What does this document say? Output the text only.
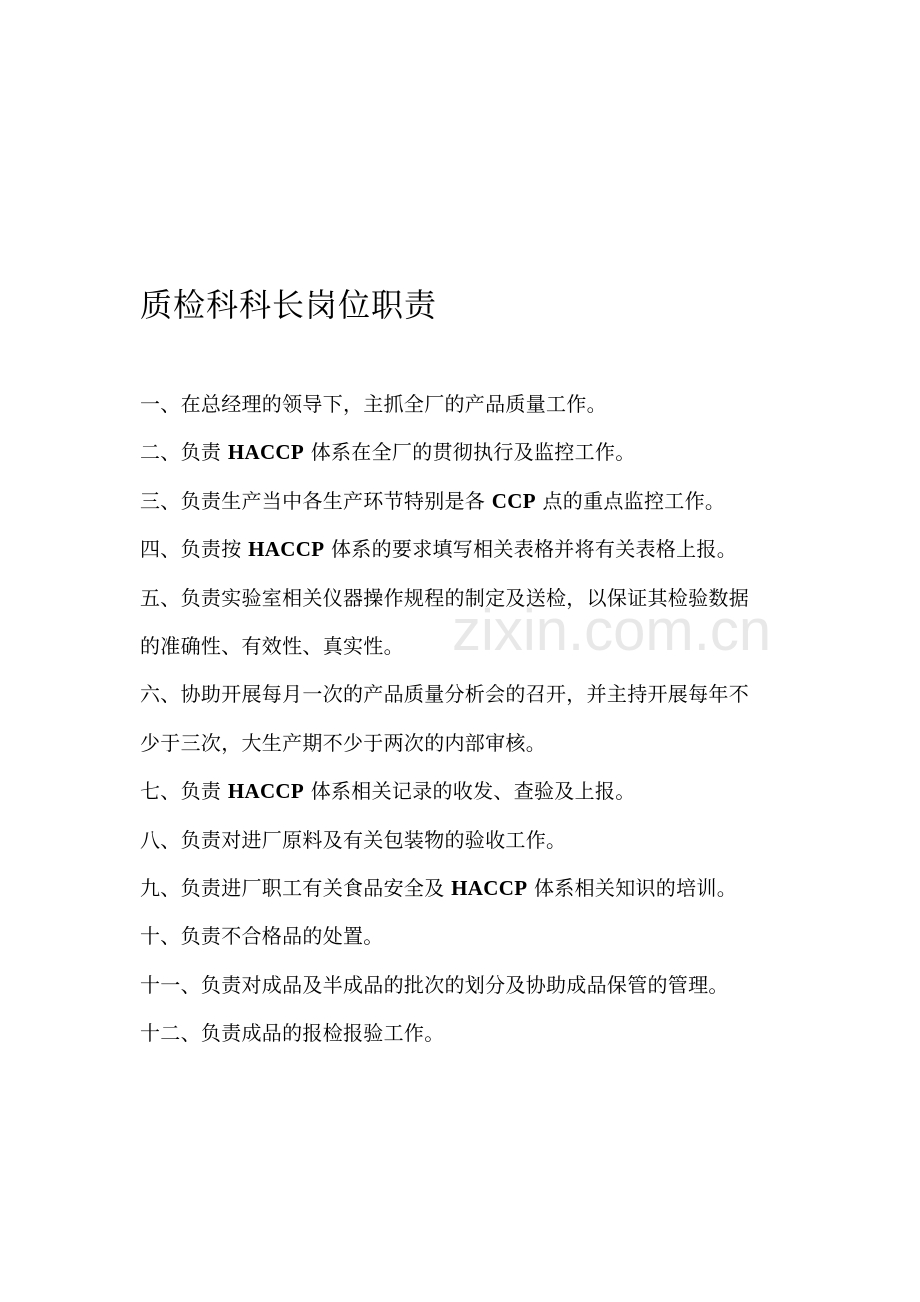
质检科科长岗位职责
一、在总经理的领导下，主抓全厂的产品质量工作。
二、负责 HACCP 体系在全厂的贯彻执行及监控工作。
三、负责生产当中各生产环节特别是各 CCP 点的重点监控工作。
四、负责按 HACCP 体系的要求填写相关表格并将有关表格上报。
五、负责实验室相关仪器操作规程的制定及送检，以保证其检验数据
的准确性、有效性、真实性。
六、协助开展每月一次的产品质量分析会的召开，并主持开展每年不
少于三次，大生产期不少于两次的内部审核。
七、负责 HACCP 体系相关记录的收发、查验及上报。
八、负责对进厂原料及有关包装物的验收工作。
九、负责进厂职工有关食品安全及 HACCP 体系相关知识的培训。
十、负责不合格品的处置。
十一、负责对成品及半成品的批次的划分及协助成品保管的管理。
十二、负责成品的报检报验工作。
zixin.com.cn
